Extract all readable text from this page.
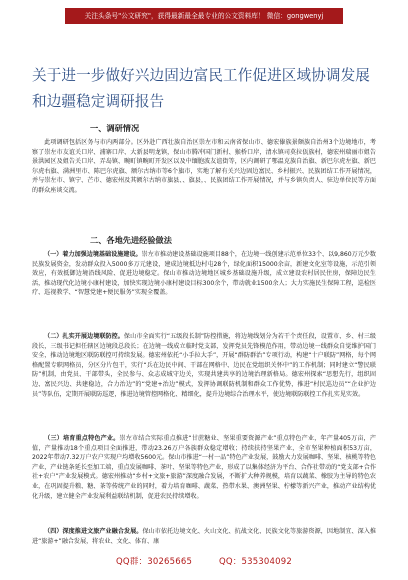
关注头条号"公文研究"，获得最新最全最专业的公文资料库！ 微信：gongwenyj
关于进一步做好兴边固边富民工作促进区域协调发展
和边疆稳定调研报告
一、调研情况
此项调研包括区务与市内两部分。区外赴广西壮族自治区崇左市和云南省保山市、德宏傣族景颇族自治州3个边境地市，考察了崇左市友谊关口岸、浦寨口岸、大新县明龙镇，保山市腾冲国门新村、猴桥口岸，清水镇司莫拉佤族村，德宏州瑞丽市姐告景洪园区及姐告关口岸、弄岛镇、畹町镇畹町开发区以及中缅胞波友谊街等，区内调研了鄂温克族自治旗、新巴尔虎左旗、新巴尔虎右旗、满洲里市、陈巴尔虎旗、额尔古纳市等6个旗市，实地了解有关兴边固边富民、乡村振兴、民族团结工作开展情况，并与崇左市、镇宁、芒市、德宏州及其额尔古纳市旗县、、旗县，、民族团结工作开展情况，并与乡镇负责人、驻边单位民等方面的群众座谈交流。
二、各地先进经验做法
（一）着力加强边境基础设施建设。崇左市推动建设基础设施项目88个，在边境一线创建示范单位33个、以9,860万元少数民族发展资金，发动群众投入5000多万元建设，建成边境抵边村屯28个，绿化面积15000余亩，新建文化室等设施，示范引领效应，有效抵御边境沿线风险、促进边境稳定。保山市推动边境地区城乡基础设施升级，成立建设农村居民住房，保障边民生活，推动现代化边境小康村建设，加快实现边境小康村建设目标300余个，带动就业1500余人；大力实施民生保障工程，巡检医疗、巡视教学、“智慧党建+便民服务”实现全覆盖。
（二）扎实开展边境联防控。保山市全面实行“五级段长制”防控措施，将边境线划分为若干个责任段，设置市、乡、村三级段长，三级书记担任辖区边境段总段长；在边境一线成立临时党支部，发挥党员先锋模范作用，带动边境一线群众自觉维护国门安全，推动边境地区联防联控可持续发展。德宏州依托“小手拉大手”，开展“群防群治”专项行动，构建“十户联防”网格，每个网格配置专职网格员，分区分片包干，实行“兵在边民中间、干部在网格中、边民在党组织关怀中”的工作机制；同时建立“警民联防”机制，由党员、干部带头，全民参与、众志成城守边关，实现共建共享的边境治理新格局。德宏州探索“思想先行，组织固边、富民兴边、共建稳边，合力治边”的“党建+治边”模式，发挥协调联防机制和群众工作优势，推进“村民巡边员”“企业护边员”等队伍，定期开展联防巡逻，推进边境管控网格化、精细化，提升边境综合治理水平，使边境联防联控工作扎实见实效。
（三）培育重点特色产业。崇左市结合实际重点推进“甘蔗糖业、坚果重要资源产业”重点特色产业，年产量405万亩，产值，产量推动18个重点项目全面推进，带动23.26万户各族群众稳定增收；持续扶持坚果产业，全市坚果种植面积53万亩，2022年带动7.32万户农户实现户均增收5600元。保山市推进“一村一品”特色产业发展，鼓励大力发展咖啡、坚果、核桃等特色产业，产业链条延长至加工端，重点发展咖啡、茶叶、坚果等特色产业，形成了以集体经济为平台、合作社带动的“党支部+合作社+农户”产业发展模式。德宏州推动“乡村+文旅+旅游”深度融合发展，不断扩大种养规模，培育以蔬菜、橡胶为主导的特色农业，在巩固提升粮、糖、茶等传统产业的同时，着力培育咖啡、蔬菜、热带水果、澳洲坚果、柠檬等新兴产业，推动产业结构优化升级，建立健全产业发展利益联结机制，促进农民持续增收。
（四）深度推进文旅产业融合发展。保山市依托边境文化、火山文化、抗战文化、民族文化等旅游资源，因地制宜、深入推进“旅游+”融合发展，将农业、文化、体育、康
QQ群：30265665	QQ：535304092
